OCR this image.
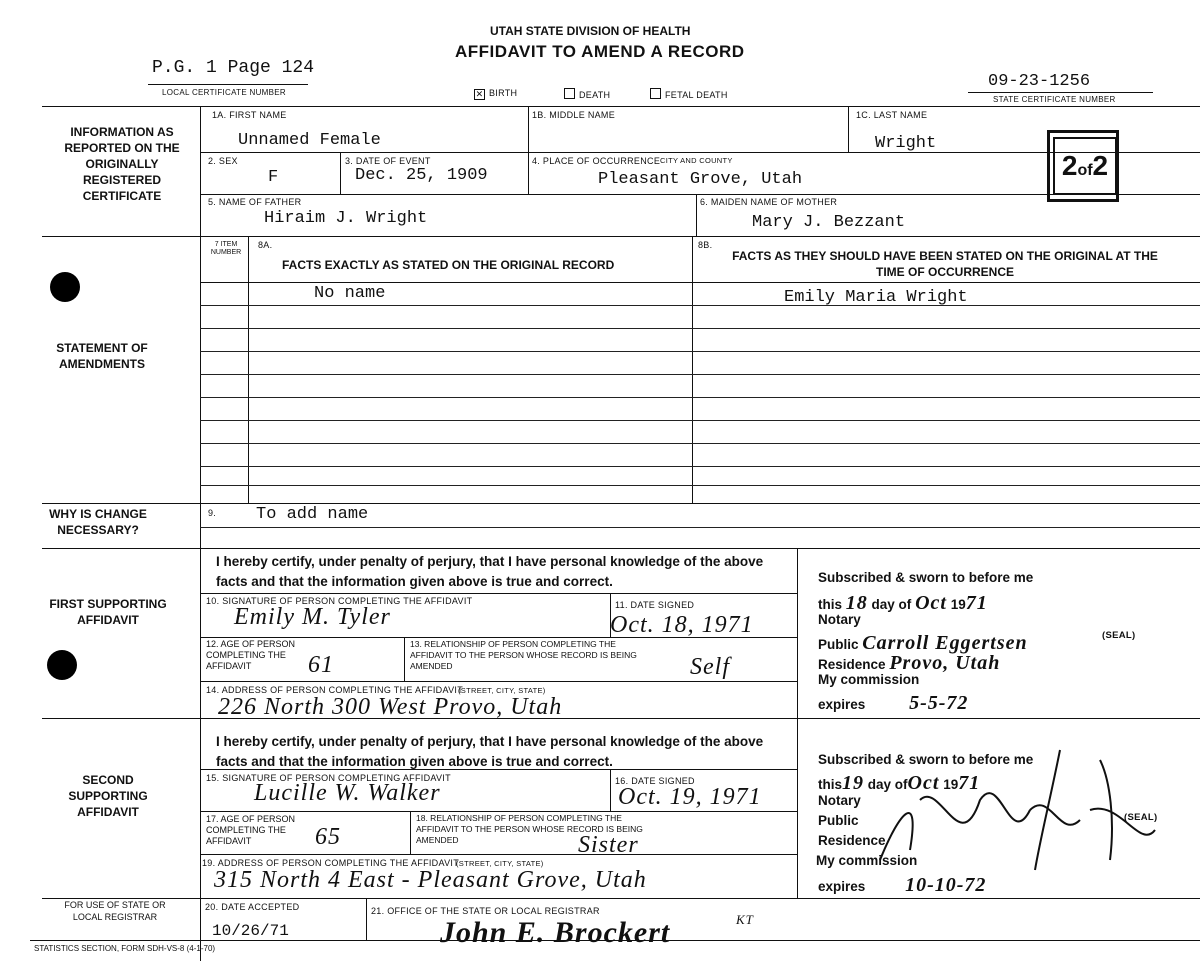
UTAH STATE DIVISION OF HEALTH
AFFIDAVIT TO AMEND A RECORD
P.G. 1 Page 124
LOCAL CERTIFICATE NUMBER
09-23-1256
STATE CERTIFICATE NUMBER
✕ BIRTH	DEATH	FETAL DEATH
2of2
INFORMATION AS REPORTED ON THE ORIGINALLY REGISTERED CERTIFICATE
1A. FIRST NAME
Unnamed Female
1B. MIDDLE NAME	1C. LAST NAME
Wright
2. SEX
F
3. DATE OF EVENT
Dec. 25, 1909
4. PLACE OF OCCURRENCE CITY AND COUNTY
Pleasant Grove, Utah
5. NAME OF FATHER
Hiraim J. Wright
6. MAIDEN NAME OF MOTHER
Mary J. Bezzant
STATEMENT OF AMENDMENTS
7 ITEM NUMBER
8A.
FACTS EXACTLY AS STATED ON THE ORIGINAL RECORD
8B.
FACTS AS THEY SHOULD HAVE BEEN STATED ON THE ORIGINAL AT THE TIME OF OCCURRENCE
No name	Emily Maria Wright
WHY IS CHANGE NECESSARY?
9. To add name
FIRST SUPPORTING AFFIDAVIT
I hereby certify, under penalty of perjury, that I have personal knowledge of the above facts and that the information given above is true and correct.
10. SIGNATURE OF PERSON COMPLETING THE AFFIDAVIT
Emily M. Tyler	11. DATE SIGNED
Oct. 18, 1971
12. AGE OF PERSON COMPLETING THE AFFIDAVIT	61
13. RELATIONSHIP OF PERSON COMPLETING THE AFFIDAVIT TO THE PERSON WHOSE RECORD IS BEING AMENDED	Self
14. ADDRESS OF PERSON COMPLETING THE AFFIDAVIT
(STREET, CITY, STATE)
226 North 300 West Provo, Utah
Subscribed & sworn to before me
this 18 day of Oct 1971
Notary
Public Carroll Eggertsen	(SEAL)
Residence Provo, Utah
My commission
expires 5-5-72
SECOND SUPPORTING AFFIDAVIT
I hereby certify, under penalty of perjury, that I have personal knowledge of the above facts and that the information given above is true and correct.
15. SIGNATURE OF PERSON COMPLETING AFFIDAVIT
Lucille W. Walker	16. DATE SIGNED
Oct. 19, 1971
17. AGE OF PERSON COMPLETING THE AFFIDAVIT	65
18. RELATIONSHIP OF PERSON COMPLETING THE AFFIDAVIT TO THE PERSON WHOSE RECORD IS BEING AMENDED	Sister
19. ADDRESS OF PERSON COMPLETING THE AFFIDAVIT
(STREET, CITY, STATE)
315 North 4 East - Pleasant Grove, Utah
Subscribed & sworn to before me
this19 day ofOct 1971
Notary
Public	(SEAL)
Residence
My commission
expires 10-10-72
FOR USE OF STATE OR LOCAL REGISTRAR
20. DATE ACCEPTED
10/26/71
21. OFFICE OF THE STATE OR LOCAL REGISTRAR
John E. Brockert	KT
STATISTICS SECTION, FORM SDH-VS-8 (4-1-70)
